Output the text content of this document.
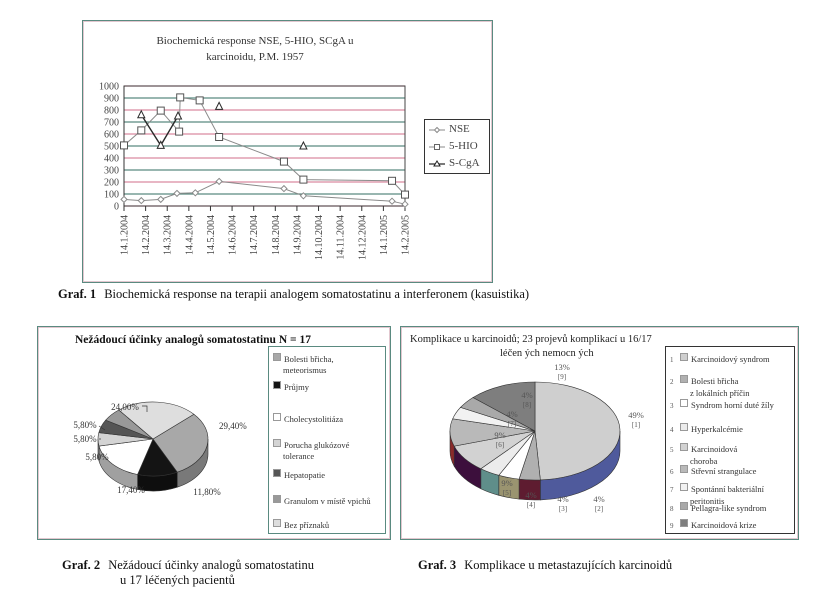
Biochemická response NSE, 5-HIO, SCgA u
karcinoidu, P.M. 1957
0
100
200
300
400
500
600
700
800
900
1000
14.1.2004 14.2.2004 14.3.2004 14.4.2004 14.5.2004 14.6.2004 14.7.2004 14.8.2004 14.9.2004 14.10.2004 14.11.2004 14.12.2004 14.1.2005 14.2.2005
NSE
5-HIO
S-CgA
Graf. 1 Biochemická response na terapii analogem somatostatinu a interferonem (kasuistika)
Nežádoucí účinky analogů somatostatinu N = 17
29,40%
11,80%
17,40%
5,80%
5,80%
5,80%
24,00%
Bolesti břicha,
meteorismus
Průjmy
Cholecystolitiáza
Porucha glukózové
tolerance
Hepatopatie
Granulom v místě vpichů
Bez příznaků
Graf. 2 Nežádoucí účinky analogů somatostatinu
u 17 léčených pacientů
Komplikace u karcinoidů; 23 projevů komplikací u 16/17
léčen ých nemocn ých
49%
[1]
4%
[2]
4%
[3]
4%
[4]
9%
[5]
9%
[6]
4%
[7]
4%
[8]
13%
[9]
1 Karcinoidový syndrom
2 Bolesti břicha
z lokálních příčin
3 Syndrom horní duté žíly
4 Hyperkalcémie
5 Karcinoidová
choroba
6 Střevní strangulace
7 Spontánní bakteriální
peritonitis
8 Pellagra-like syndrom
9 Karcinoidová krize
Graf. 3 Komplikace u metastazujících karcinoidů
